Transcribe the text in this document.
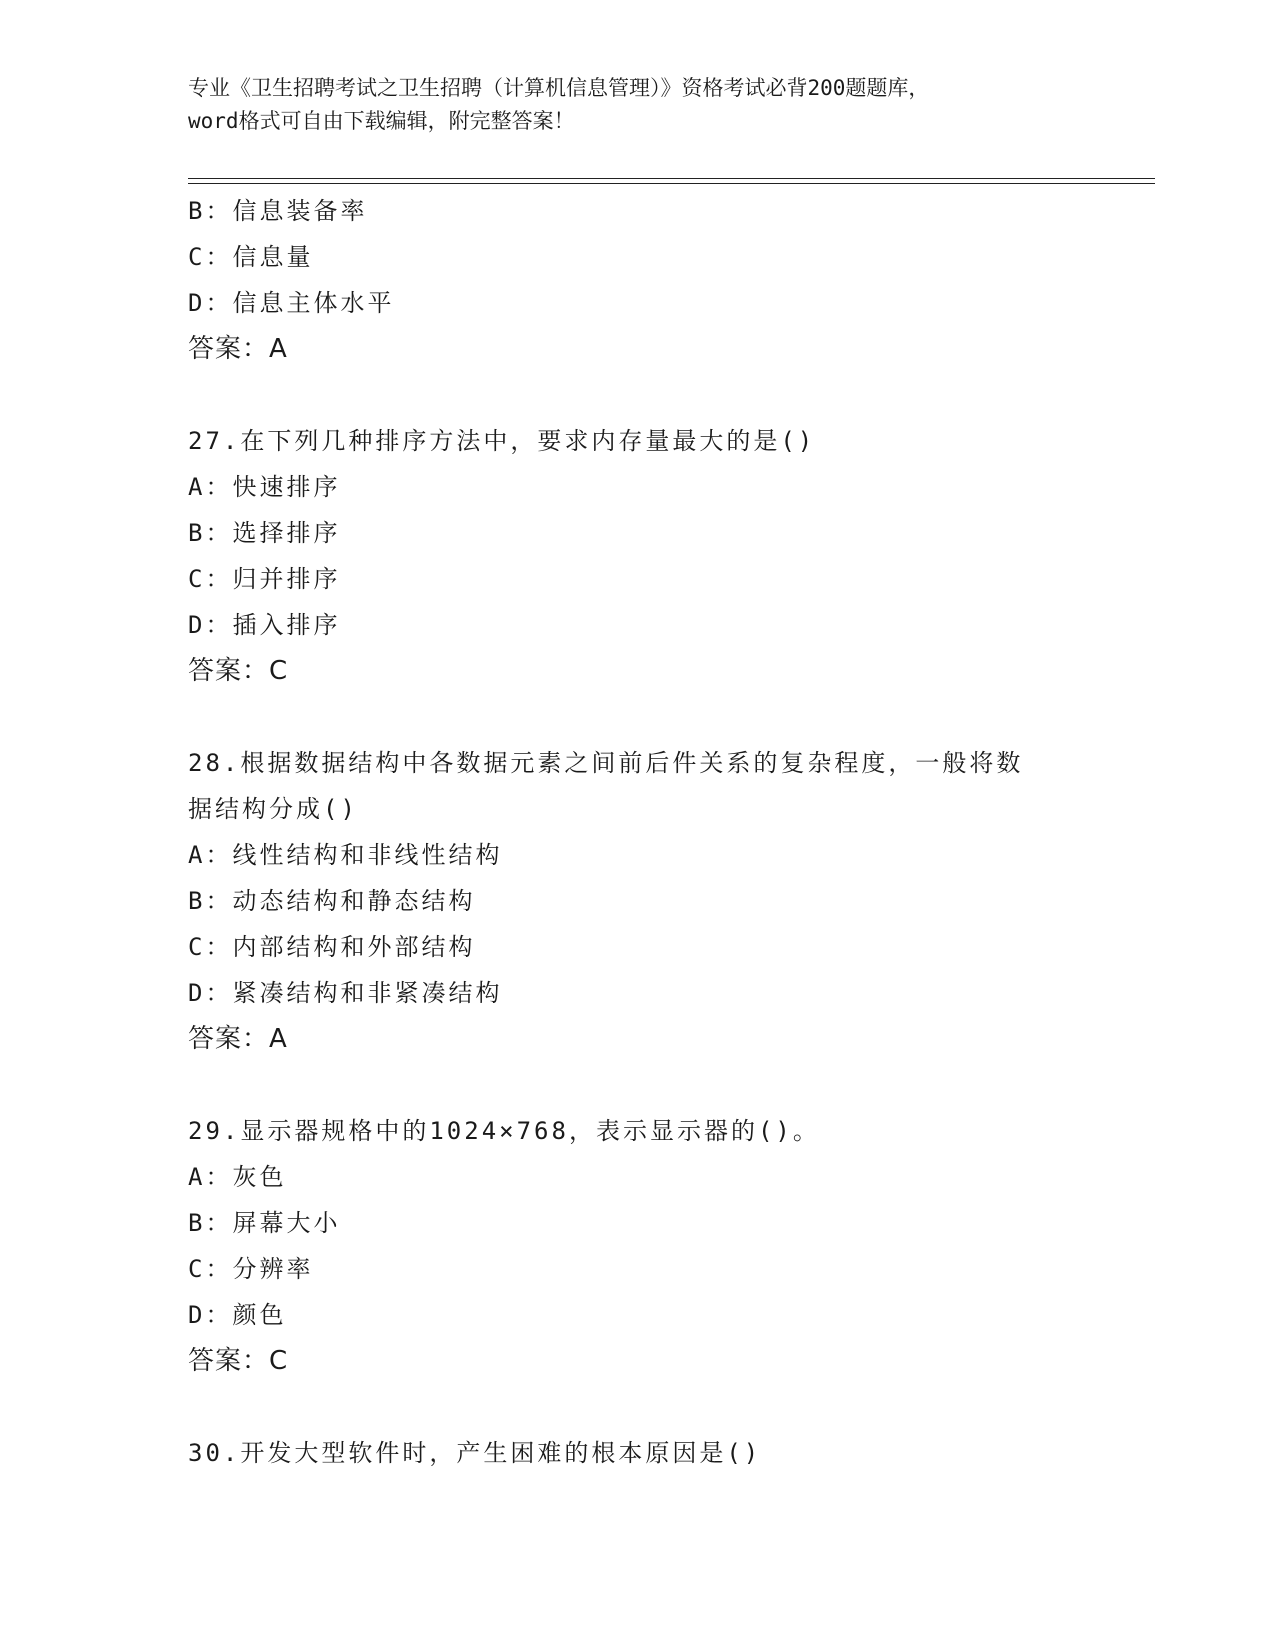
专业《卫生招聘考试之卫生招聘（计算机信息管理）》资格考试必背200题题库，
word格式可自由下载编辑，附完整答案！
B：信息装备率
C：信息量
D：信息主体水平
答案：A
27.在下列几种排序方法中，要求内存量最大的是()
A：快速排序
B：选择排序
C：归并排序
D：插入排序
答案：C
28.根据数据结构中各数据元素之间前后件关系的复杂程度，一般将数
据结构分成()
A：线性结构和非线性结构
B：动态结构和静态结构
C：内部结构和外部结构
D：紧凑结构和非紧凑结构
答案：A
29.显示器规格中的1024×768，表示显示器的()。
A：灰色
B：屏幕大小
C：分辨率
D：颜色
答案：C
30.开发大型软件时，产生困难的根本原因是()
